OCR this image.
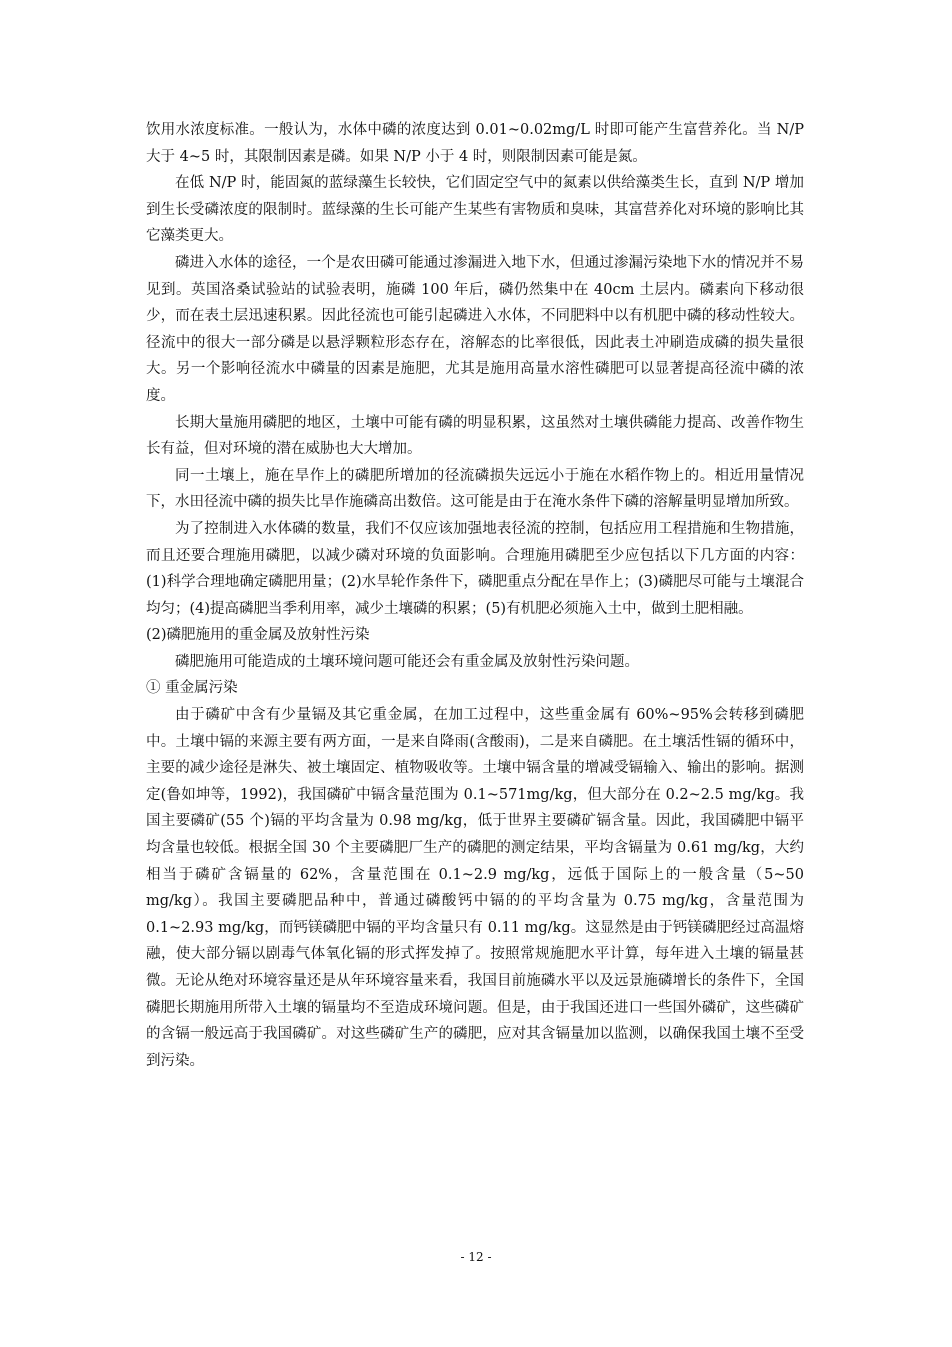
饮用水浓度标准。一般认为，水体中磷的浓度达到 0.01~0.02mg/L 时即可能产生富营养化。当 N/P 大于 4~5 时，其限制因素是磷。如果 N/P 小于 4 时，则限制因素可能是氮。

在低 N/P 时，能固氮的蓝绿藻生长较快，它们固定空气中的氮素以供给藻类生长，直到 N/P 增加到生长受磷浓度的限制时。蓝绿藻的生长可能产生某些有害物质和臭味，其富营养化对环境的影响比其它藻类更大。

磷进入水体的途径，一个是农田磷可能通过渗漏进入地下水，但通过渗漏污染地下水的情况并不易见到。英国洛桑试验站的试验表明，施磷 100 年后，磷仍然集中在 40cm 土层内。磷素向下移动很少，而在表土层迅速积累。因此径流也可能引起磷进入水体，不同肥料中以有机肥中磷的移动性较大。径流中的很大一部分磷是以悬浮颗粒形态存在，溶解态的比率很低，因此表土冲刷造成磷的损失量很大。另一个影响径流水中磷量的因素是施肥，尤其是施用高量水溶性磷肥可以显著提高径流中磷的浓度。

长期大量施用磷肥的地区，土壤中可能有磷的明显积累，这虽然对土壤供磷能力提高、改善作物生长有益，但对环境的潜在威胁也大大增加。

同一土壤上，施在旱作上的磷肥所增加的径流磷损失远远小于施在水稻作物上的。相近用量情况下，水田径流中磷的损失比旱作施磷高出数倍。这可能是由于在淹水条件下磷的溶解量明显增加所致。

为了控制进入水体磷的数量，我们不仅应该加强地表径流的控制，包括应用工程措施和生物措施，而且还要合理施用磷肥，以减少磷对环境的负面影响。合理施用磷肥至少应包括以下几方面的内容：(1)科学合理地确定磷肥用量；(2)水旱轮作条件下，磷肥重点分配在旱作上；(3)磷肥尽可能与土壤混合均匀；(4)提高磷肥当季利用率，减少土壤磷的积累；(5)有机肥必须施入土中，做到土肥相融。

(2)磷肥施用的重金属及放射性污染

磷肥施用可能造成的土壤环境问题可能还会有重金属及放射性污染问题。

① 重金属污染

由于磷矿中含有少量镉及其它重金属，在加工过程中，这些重金属有 60%~95%会转移到磷肥中。土壤中镉的来源主要有两方面，一是来自降雨(含酸雨)，二是来自磷肥。在土壤活性镉的循环中，主要的减少途径是淋失、被土壤固定、植物吸收等。土壤中镉含量的增减受镉输入、输出的影响。据测定(鲁如坤等，1992)，我国磷矿中镉含量范围为 0.1~571mg/kg，但大部分在 0.2~2.5 mg/kg。我国主要磷矿(55 个)镉的平均含量为 0.98 mg/kg，低于世界主要磷矿镉含量。因此，我国磷肥中镉平均含量也较低。根据全国 30 个主要磷肥厂生产的磷肥的测定结果，平均含镉量为 0.61 mg/kg，大约相当于磷矿含镉量的 62%，含量范围在 0.1~2.9 mg/kg，远低于国际上的一般含量（5~50 mg/kg）。我国主要磷肥品种中，普通过磷酸钙中镉的的平均含量为 0.75 mg/kg，含量范围为 0.1~2.93 mg/kg，而钙镁磷肥中镉的平均含量只有 0.11 mg/kg。这显然是由于钙镁磷肥经过高温熔融，使大部分镉以剧毒气体氧化镉的形式挥发掉了。按照常规施肥水平计算，每年进入土壤的镉量甚微。无论从绝对环境容量还是从年环境容量来看，我国目前施磷水平以及远景施磷增长的条件下，全国磷肥长期施用所带入土壤的镉量均不至造成环境问题。但是，由于我国还进口一些国外磷矿，这些磷矿的含镉一般远高于我国磷矿。对这些磷矿生产的磷肥，应对其含镉量加以监测，以确保我国土壤不至受到污染。

- 12 -
